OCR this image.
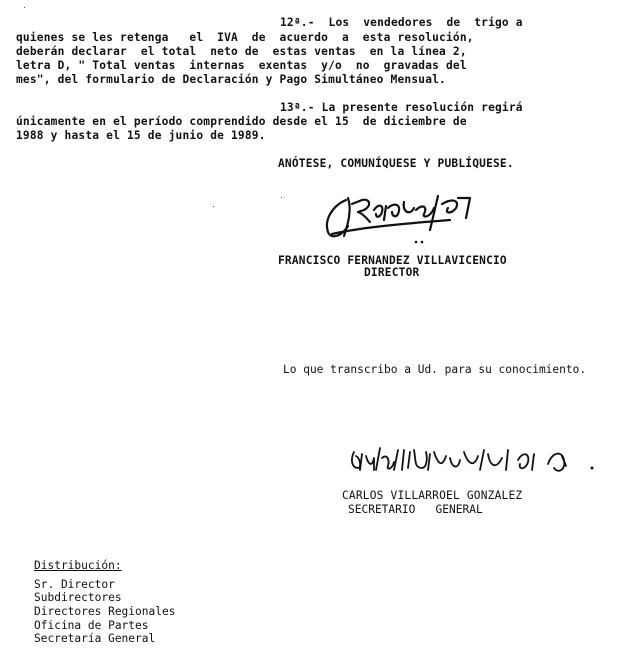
12ª.-  Los  vendedores  de  trigo a
quienes se les retenga   el  IVA  de  acuerdo  a  esta resolución,
deberán declarar  el total  neto de  estas ventas  en la línea 2,
letra D, " Total ventas  internas  exentas  y/o  no  gravadas del
mes", del formulario de Declaración y Pago Simultáneo Mensual.
13ª.- La presente resolución regirá
únicamente en el período comprendido desde el 15  de diciembre de
1988 y hasta el 15 de junio de 1989.
ANÓTESE, COMUNÍQUESE Y PUBLÍQUESE.
FRANCISCO FERNANDEZ VILLAVICENCIO
DIRECTOR
Lo que transcribo a Ud. para su conocimiento.
CARLOS VILLARROEL GONZALEZ
SECRETARIO   GENERAL
Distribución:
Sr. Director
Subdirectores
Directores Regionales
Oficina de Partes
Secretaría General
